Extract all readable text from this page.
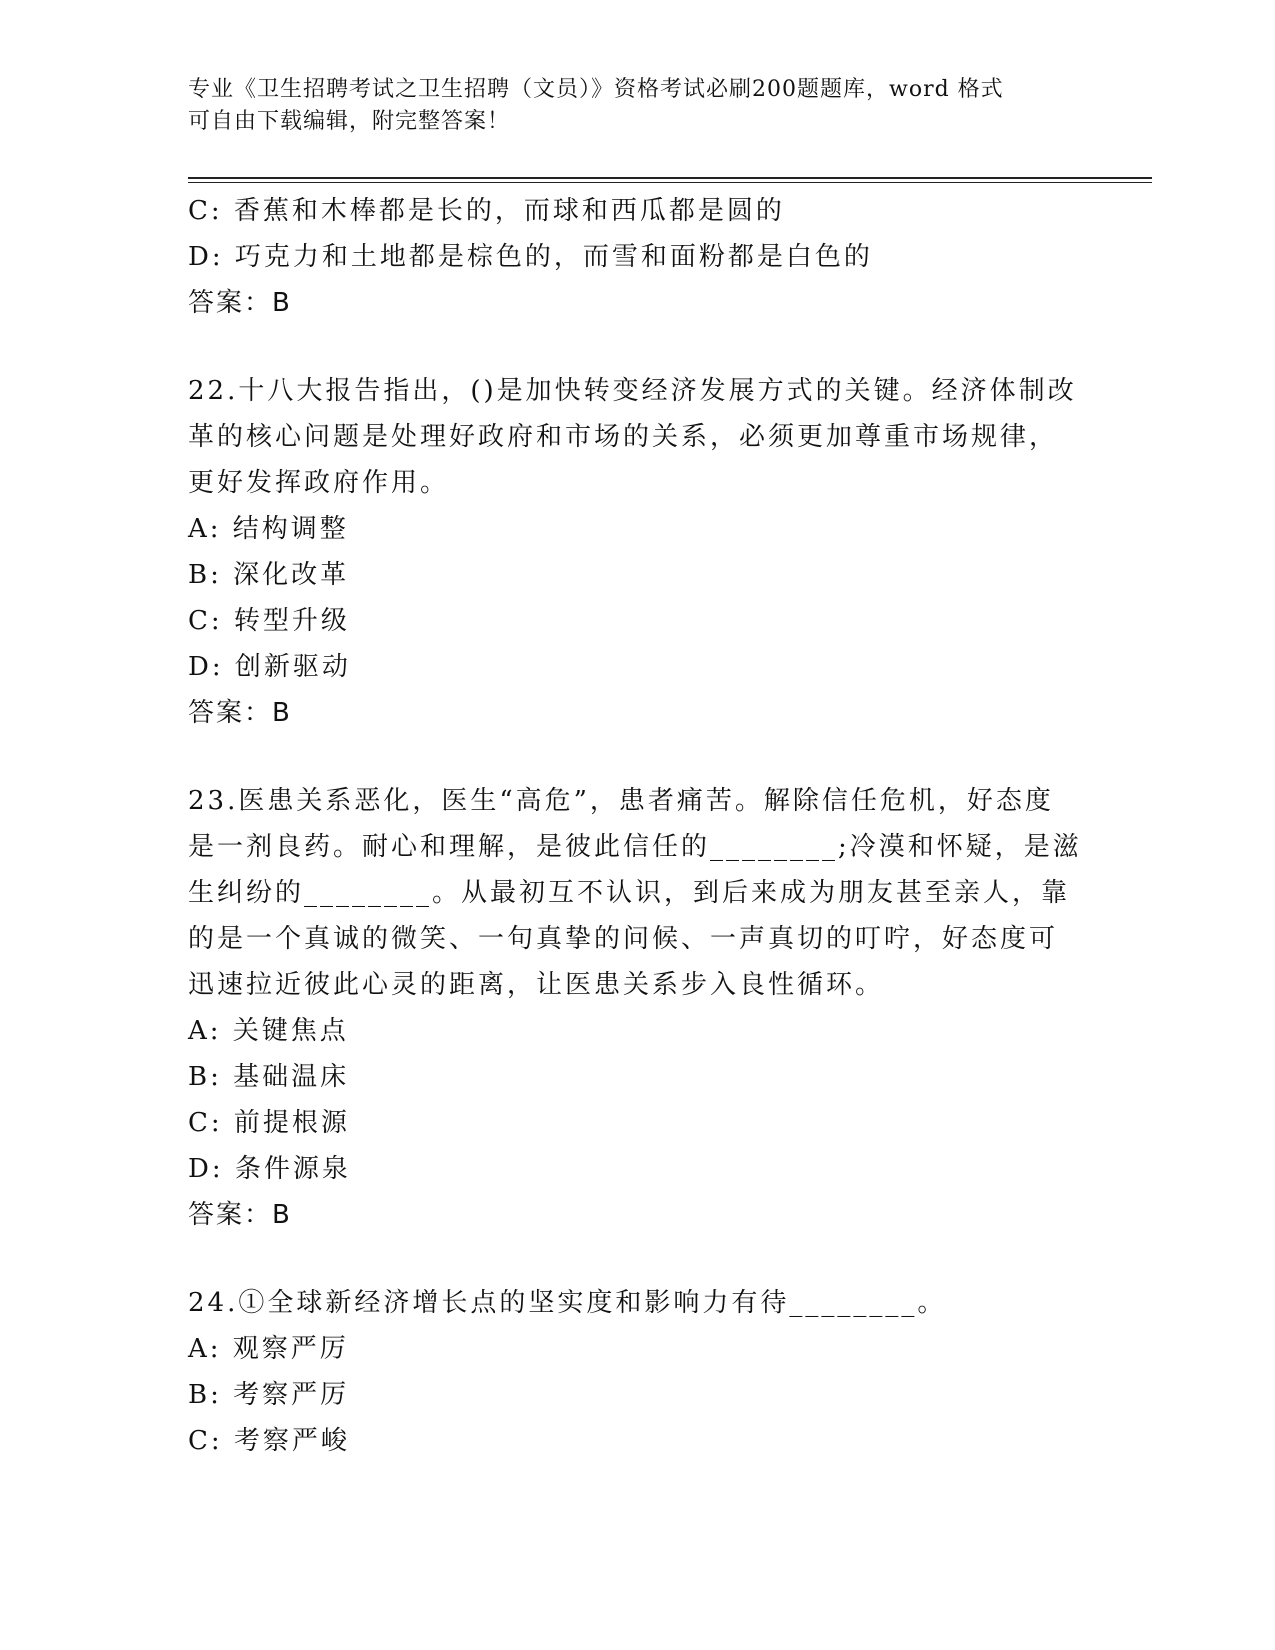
专业《卫生招聘考试之卫生招聘（文员）》资格考试必刷200题题库，word 格式
可自由下载编辑，附完整答案！
C: 香蕉和木棒都是长的，而球和西瓜都是圆的
D: 巧克力和土地都是棕色的，而雪和面粉都是白色的
答案：B
22.十八大报告指出，()是加快转变经济发展方式的关键。经济体制改
革的核心问题是处理好政府和市场的关系，必须更加尊重市场规律，
更好发挥政府作用。
A: 结构调整
B: 深化改革
C: 转型升级
D: 创新驱动
答案：B
23.医患关系恶化，医生“高危”，患者痛苦。解除信任危机，好态度
是一剂良药。耐心和理解，是彼此信任的________;冷漠和怀疑，是滋
生纠纷的________。从最初互不认识，到后来成为朋友甚至亲人，靠
的是一个真诚的微笑、一句真挚的问候、一声真切的叮咛，好态度可
迅速拉近彼此心灵的距离，让医患关系步入良性循环。
A: 关键焦点
B: 基础温床
C: 前提根源
D: 条件源泉
答案：B
24.①全球新经济增长点的坚实度和影响力有待________。
A: 观察严厉
B: 考察严厉
C: 考察严峻
